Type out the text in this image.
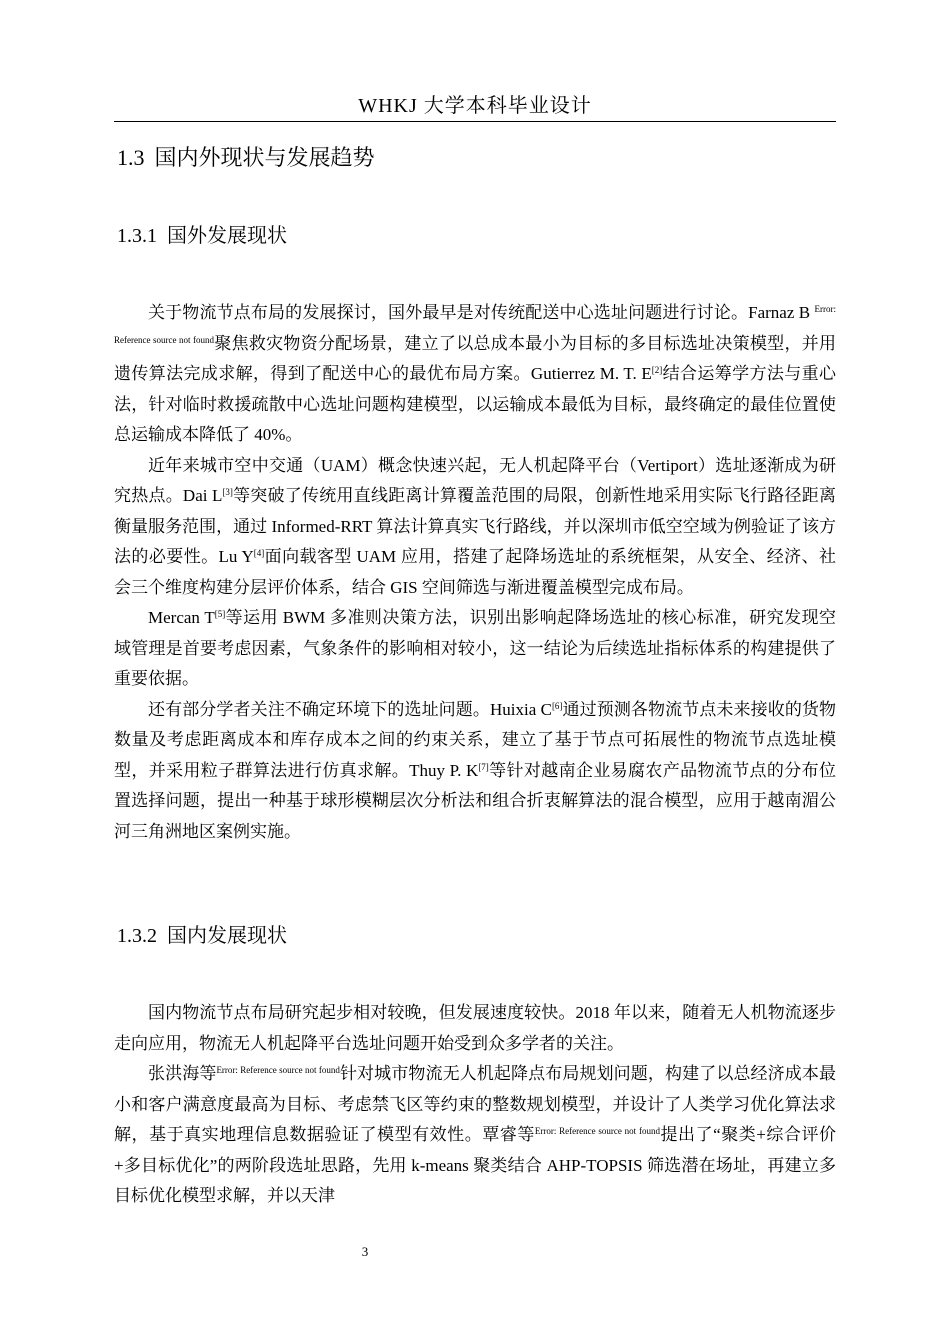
WHKJ 大学本科毕业设计
1.3 国内外现状与发展趋势
1.3.1 国外发展现状

关于物流节点布局的发展探讨，国外最早是对传统配送中心选址问题进行讨论。Farnaz B $^{Error: Reference source not found}$聚焦救灾物资分配场景，建立了以总成本最小为目标的多目标选址决策模型，并用遗传算法完成求解，得到了配送中心的最优布局方案。Gutierrez M. T. E[2]结合运筹学方法与重心法，针对临时救援疏散中心选址问题构建模型，以运输成本最低为目标，最终确定的最佳位置使总运输成本降低了 40%。

近年来城市空中交通（UAM）概念快速兴起，无人机起降平台（Vertiport）选址逐渐成为研究热点。Dai L[3]等突破了传统用直线距离计算覆盖范围的局限，创新性地采用实际飞行路径距离衡量服务范围，通过 Informed-RRT 算法计算真实飞行路线，并以深圳市低空空域为例验证了该方法的必要性。Lu Y[4]面向载客型 UAM 应用，搭建了起降场选址的系统框架，从安全、经济、社会三个维度构建分层评价体系，结合 GIS 空间筛选与渐进覆盖模型完成布局。

Mercan T[5]等运用 BWM 多准则决策方法，识别出影响起降场选址的核心标准，研究发现空域管理是首要考虑因素，气象条件的影响相对较小，这一结论为后续选址指标体系的构建提供了重要依据。

还有部分学者关注不确定环境下的选址问题。Huixia C[6]通过预测各物流节点未来接收的货物数量及考虑距离成本和库存成本之间的约束关系，建立了基于节点可拓展性的物流节点选址模型，并采用粒子群算法进行仿真求解。Thuy P. K[7]等针对越南企业易腐农产品物流节点的分布位置选择问题，提出一种基于球形模糊层次分析法和组合折衷解算法的混合模型，应用于越南湄公河三角洲地区案例实施。

1.3.2 国内发展现状

国内物流节点布局研究起步相对较晚，但发展速度较快。2018 年以来，随着无人机物流逐步走向应用，物流无人机起降平台选址问题开始受到众多学者的关注。

张洪海等$^{Error: Reference source not found}$针对城市物流无人机起降点布局规划问题，构建了以总经济成本最小和客户满意度最高为目标、考虑禁飞区等约束的整数规划模型，并设计了人类学习优化算法求解，基于真实地理信息数据验证了模型有效性。覃睿等$^{Error: Reference source not found}$提出了“聚类+综合评价+多目标优化”的两阶段选址思路，先用 k-means 聚类结合 AHP-TOPSIS 筛选潜在场址，再建立多目标优化模型求解，并以天津

3
